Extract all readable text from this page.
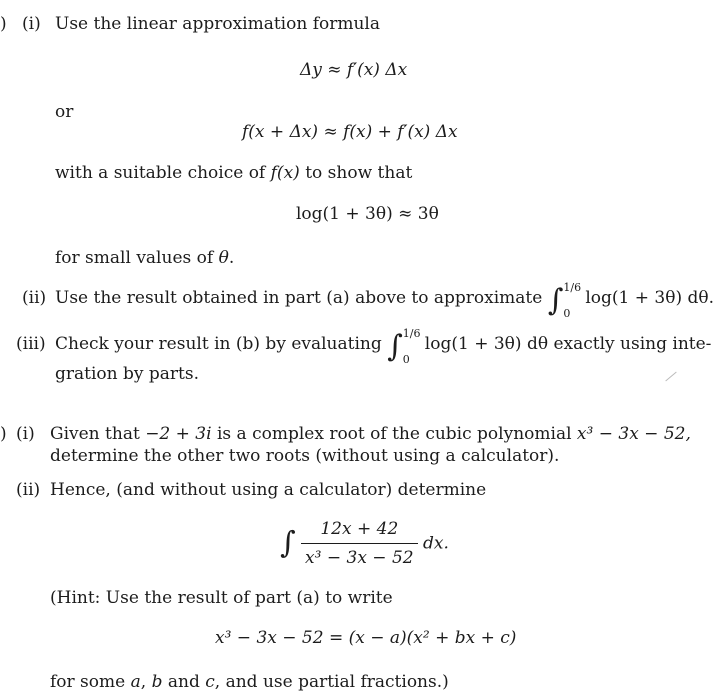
) (i) Use the linear approximation formula
Δy ≈ f′(x) Δx
or
f(x + Δx) ≈ f(x) + f′(x) Δx
with a suitable choice of f(x) to show that
log(1 + 3θ) ≈ 3θ
for small values of θ.
(ii) Use the result obtained in part (a) above to approximate ∫ 1/6
0
log(1 + 3θ) dθ.
(iii) Check your result in (b) by evaluating ∫ 1/6
0
log(1 + 3θ) dθ exactly using inte-
gration by parts.
) (i) Given that −2 + 3i is a complex root of the cubic polynomial x³ − 3x − 52,
determine the other two roots (without using a calculator).
(ii) Hence, (and without using a calculator) determine
∫ $\frac{12x + 42}{\text{x³ − 3x − 52}}$ dx.
(Hint: Use the result of part (a) to write
x³ − 3x − 52 = (x − a)(x² + bx + c)
for some a, b and c, and use partial fractions.)
